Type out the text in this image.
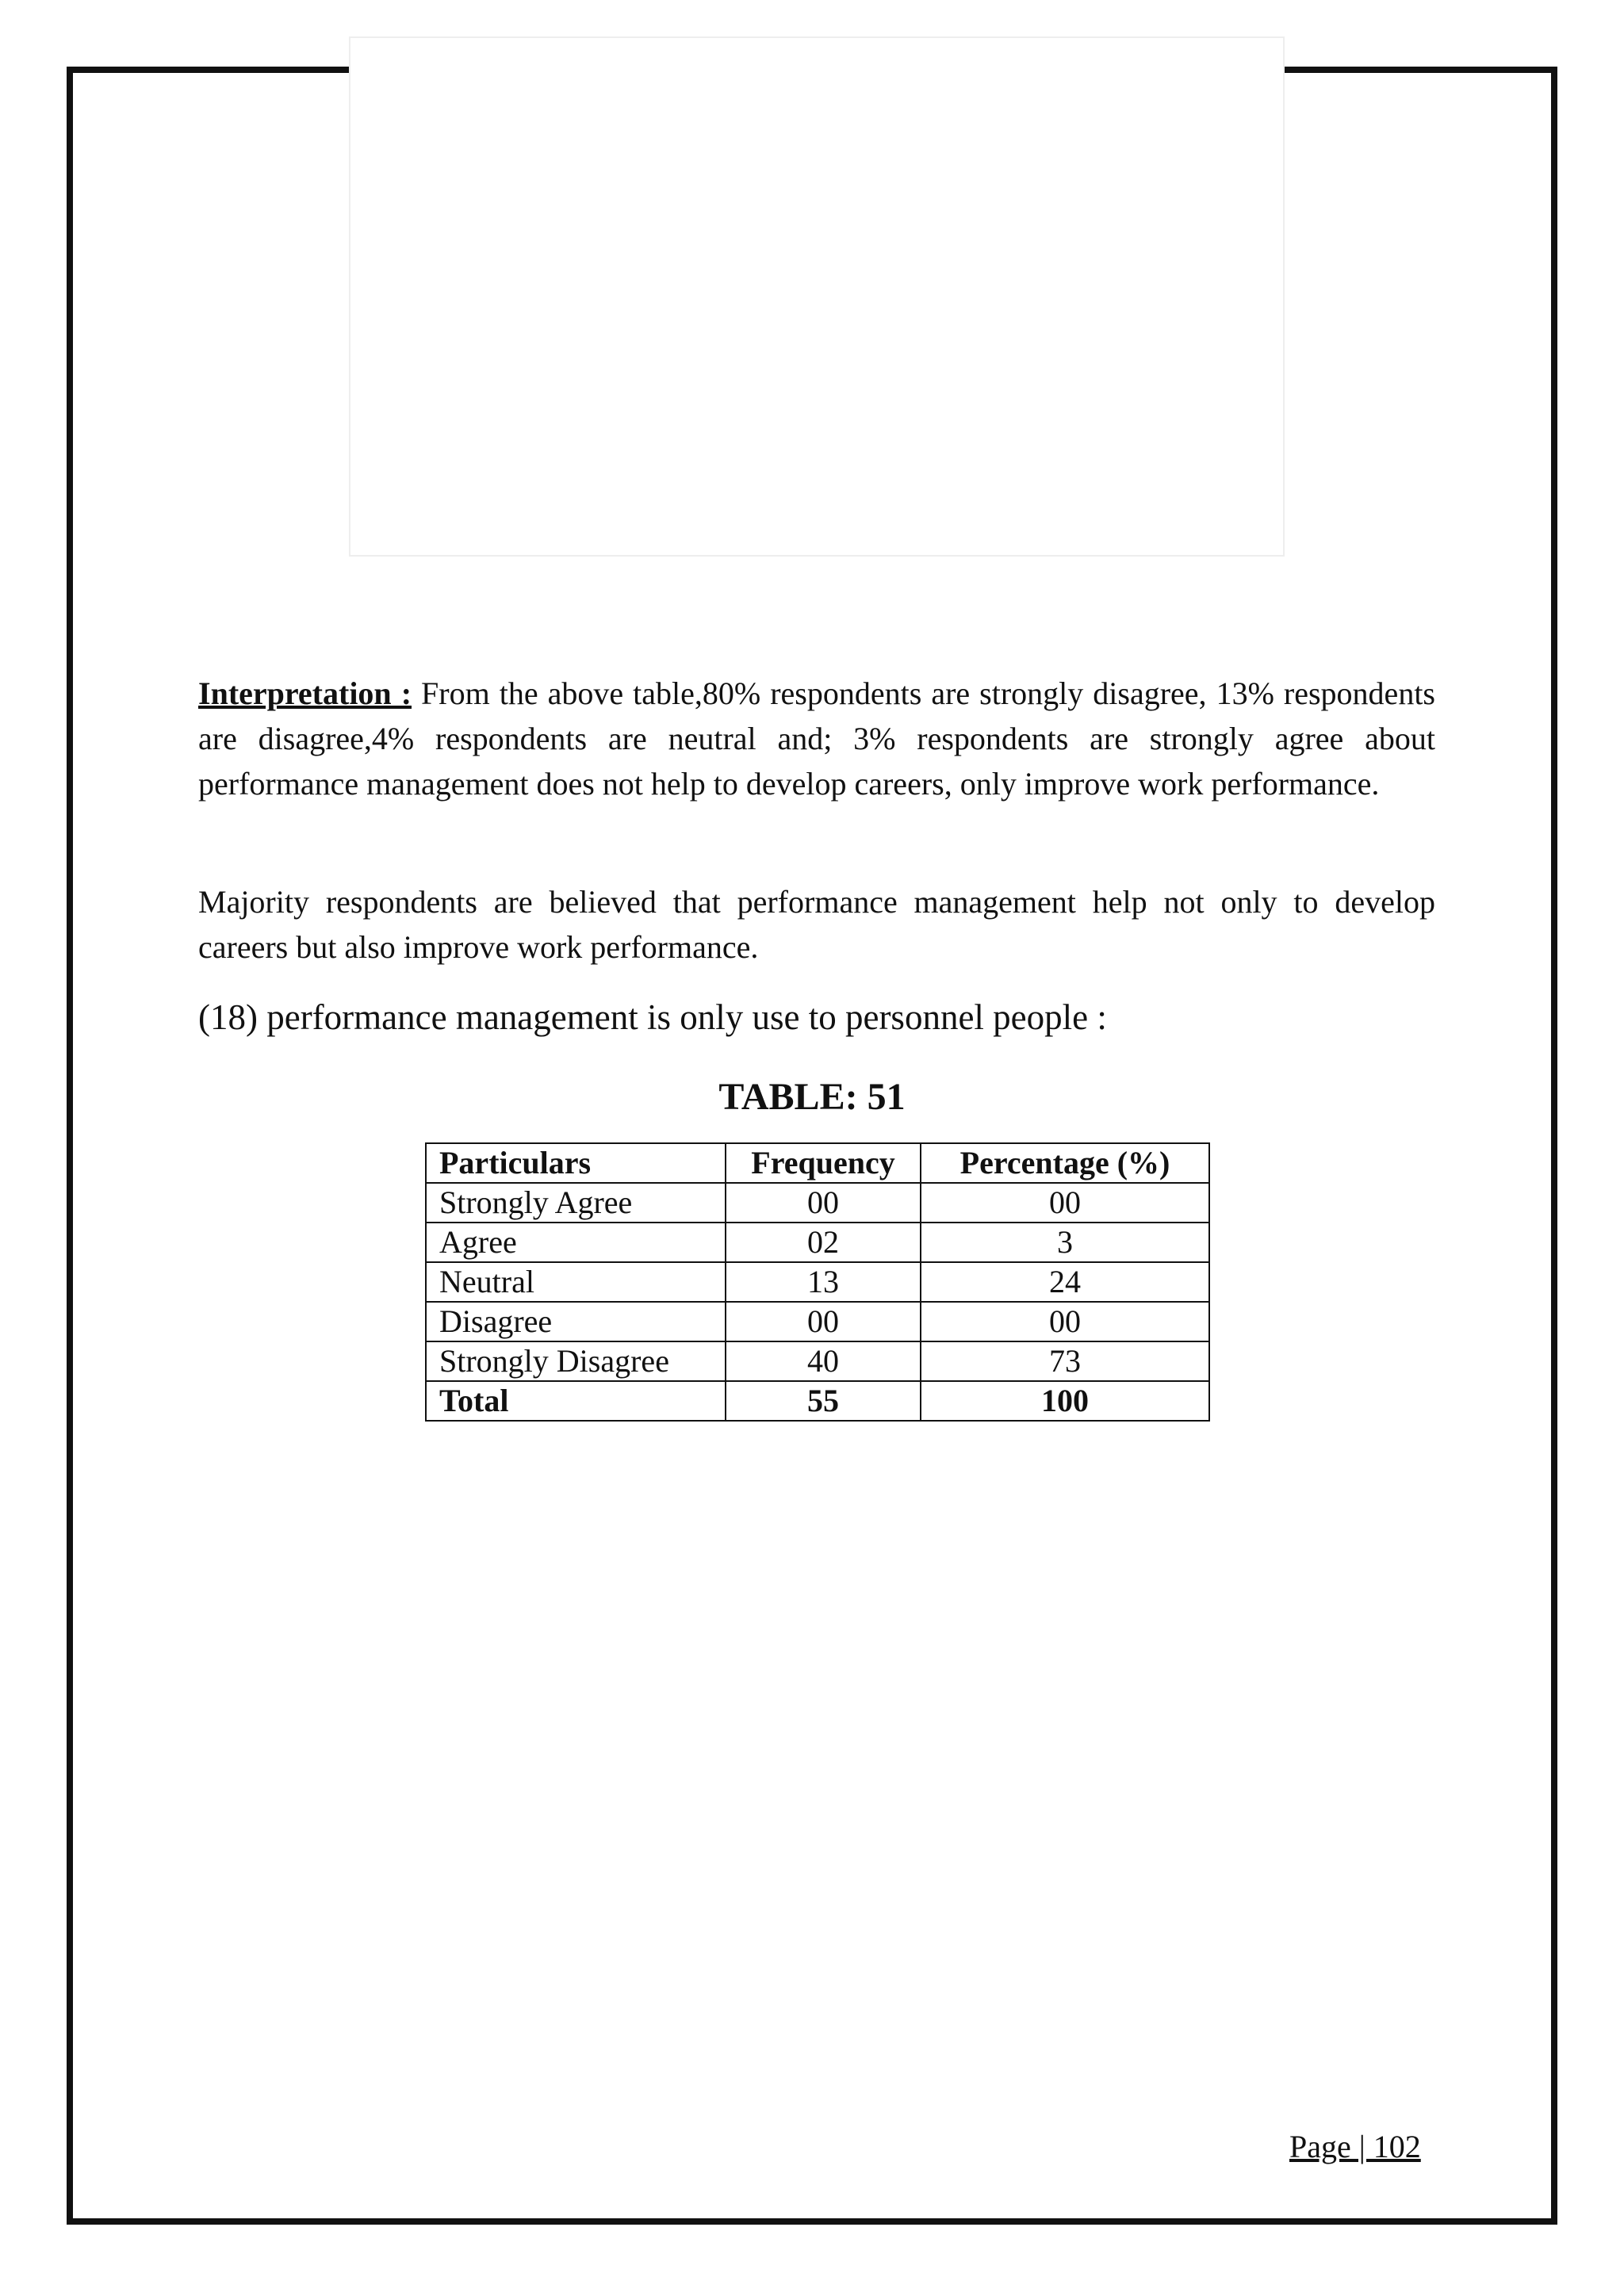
Interpretation : From the above table,80% respondents are strongly disagree, 13% respondents are disagree,4% respondents are neutral and; 3% respondents are strongly agree about performance management does not help to develop careers, only improve work performance.

Majority respondents are believed that performance management help not only to develop careers but also improve work performance.

(18) performance management is only use to personnel people :

TABLE: 51
Particulars	Frequency	Percentage (%)
Strongly Agree	00	00
Agree	02	3
Neutral	13	24
Disagree	00	00
Strongly Disagree	40	73
Total	55	100
Page | 102
